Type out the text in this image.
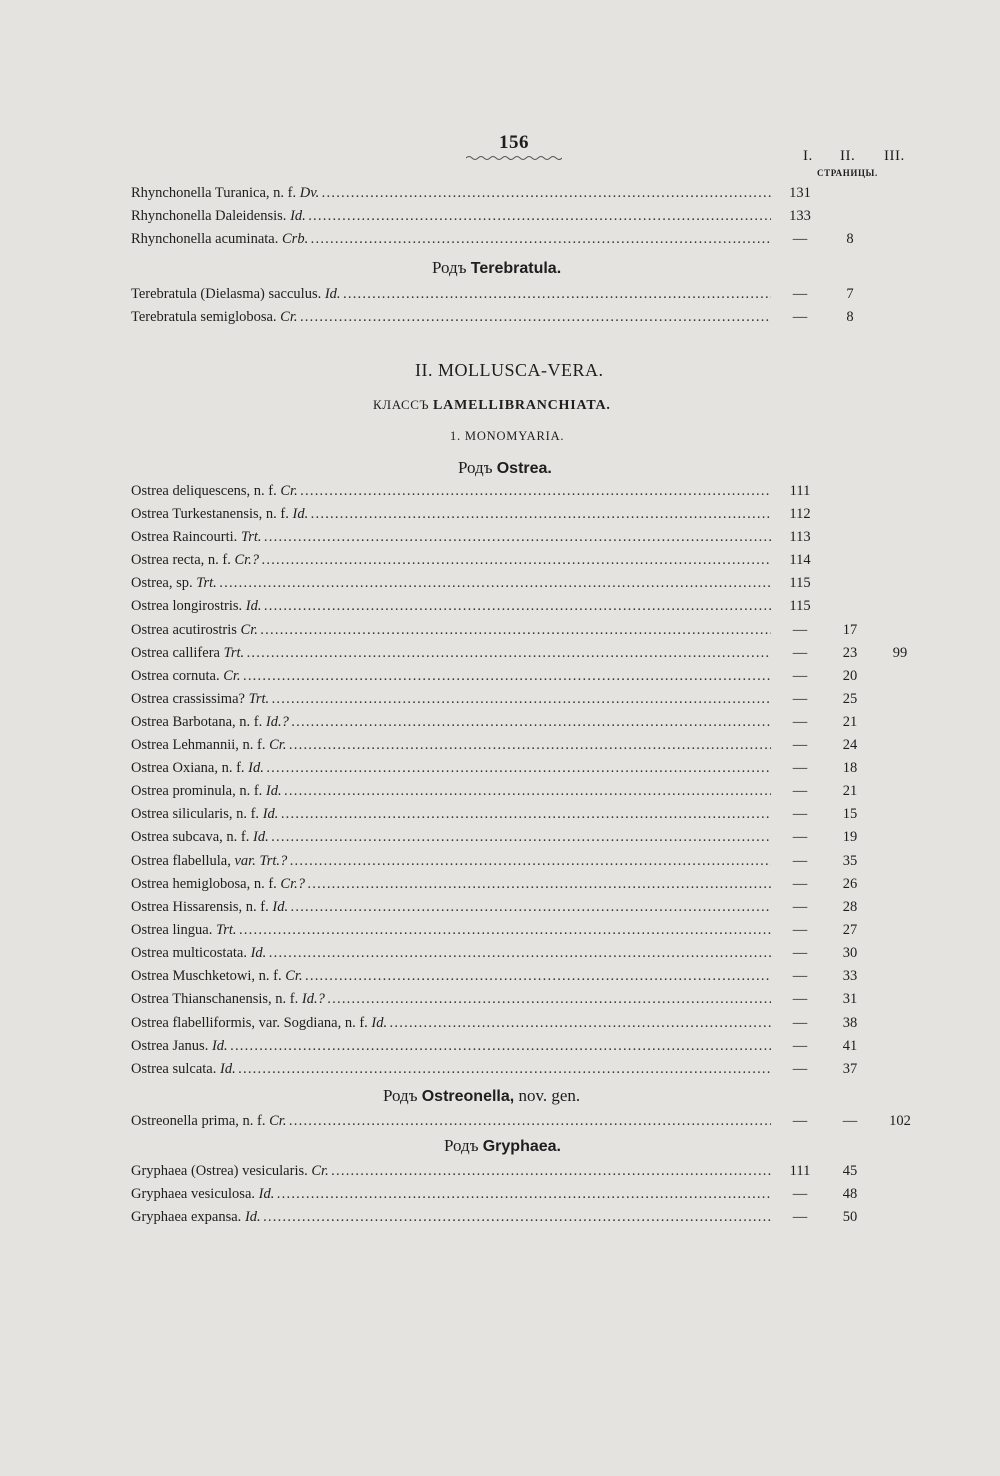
156
I. II. III.
СТРАНИЦЫ.
Rhynchonella Turanica, n. f. Dv. . . .	131
Rhynchonella Daleidensis. Id. . . .	133
Rhynchonella acuminata. Crb. . . .	—	8
Родъ Terebratula.
Terebratula (Dielasma) sacculus. Id. . . .	—	7
Terebratula semiglobosa. Cr. . . .	—	8
II. MOLLUSCA-VERA.
КЛАССЪ LAMELLIBRANCHIATA.
1. MONOMYARIA.
Родъ Ostrea.
Ostrea deliquescens, n. f. Cr. . . .	111
Ostrea Turkestanensis, n. f. Id. . . .	112
Ostrea Raincourti. Trt. . . .	113
Ostrea recta, n. f. Cr.? . . .	114
Ostrea, sp. Trt. . . .	115
Ostrea longirostris. Id. . . .	115
Ostrea acutirostris Cr. . . .	—	17
Ostrea callifera Trt. . . .	—	23	99
Ostrea cornuta. Cr. . . .	—	20
Ostrea crassissima? Trt. . . .	—	25
Ostrea Barbotana, n. f. Id.? . . .	—	21
Ostrea Lehmannii, n. f. Cr. . . .	—	24
Ostrea Oxiana, n. f. Id. . . .	—	18
Ostrea prominula, n. f. Id. . . .	—	21
Ostrea silicularis, n. f. Id. . . .	—	15
Ostrea subcava, n. f. Id. . . .	—	19
Ostrea flabellula, var. Trt.? . . .	—	35
Ostrea hemiglobosa, n. f. Cr.? . . .	—	26
Ostrea Hissarensis, n. f. Id. . . .	—	28
Ostrea lingua. Trt. . . .	—	27
Ostrea multicostata. Id. . . .	—	30
Ostrea Muschketowi, n. f. Cr. . . .	—	33
Ostrea Thianschanensis, n. f. Id.? . . .	—	31
Ostrea flabelliformis, var. Sogdiana, n. f. Id. . . .	—	38
Ostrea Janus. Id. . . .	—	41
Ostrea sulcata. Id. . . .	—	37
Родъ Ostreonella, nov. gen.
Ostreonella prima, n. f. Cr. . . .	—	—	102
Родъ Gryphaea.
Gryphaea (Ostrea) vesicularis. Cr. . . .	111	45
Gryphaea vesiculosa. Id. . . .	—	48
Gryphaea expansa. Id. . . .	—	50
